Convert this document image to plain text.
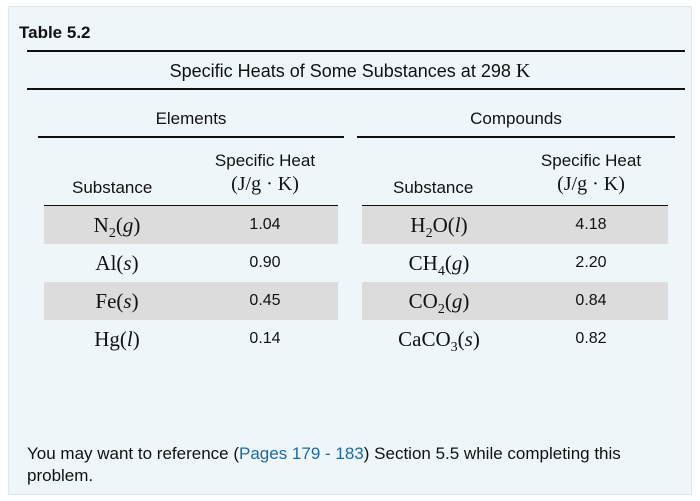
Table 5.2
Specific Heats of Some Substances at 298 K
Elements	Compounds
Substance
Specific Heat
(J/g · K)	Substance
Specific Heat
(J/g · K)
$N_2(g)$
Al(s)
Fe(s)
Hg(l)
1.04
0.90
0.45
0.14
$H_2O(l)$
$CH_4(g)$
$CO_2(g)$
CaCO$_3$(s)
4.18
2.20
0.84
0.82
You may want to reference (Pages 179 - 183) Section 5.5 while completing this problem.
